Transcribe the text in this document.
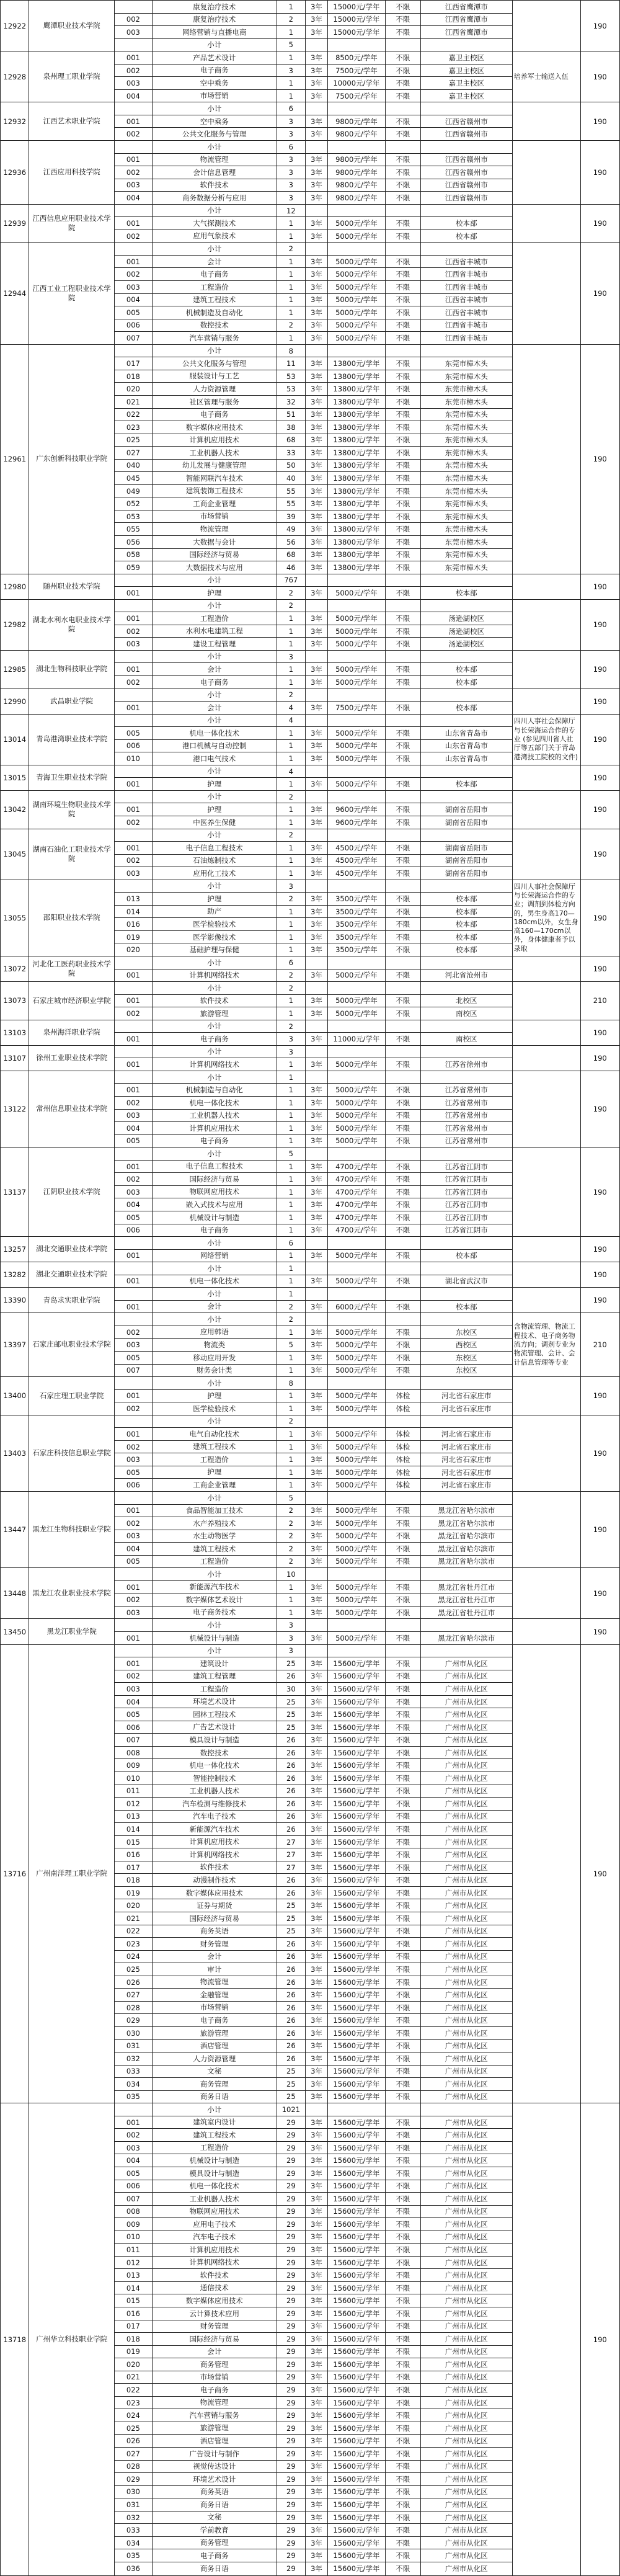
12922	鹰潭职业技术学院		康复治疗技术	1	3年	15000元/学年	不限	江西省鹰潭市		190
		002	康复治疗技术	2	3年	15000元/学年	不限	江西省鹰潭市		
		003	网络营销与直播电商	1	3年	15000元/学年	不限	江西省鹰潭市		
			小计	5						
12928	泉州理工职业学院	001	产品艺术设计	1	3年	8500元/学年	不限	嘉卫主校区	培养军士输送入伍	190
		002	电子商务	3	3年	7500元/学年	不限	嘉卫主校区		
		003	空中乘务	1	3年	10000元/学年	不限	嘉卫主校区		
		004	市场营销	1	3年	7500元/学年	不限	嘉卫主校区		
12932	江西艺术职业学院		小计	6						190
		001	空中乘务	3	3年	9800元/学年	不限	江西省赣州市		
		002	公共文化服务与管理	3	3年	9800元/学年	不限	江西省赣州市		
12936	江西应用科技学院		小计	6						190
		001	物流管理	3	3年	9800元/学年	不限	江西省赣州市		
		002	会计信息管理	3	3年	9800元/学年	不限	江西省赣州市		
		003	软件技术	3	3年	9800元/学年	不限	江西省赣州市		
		004	商务数据分析与应用	3	3年	9800元/学年	不限	江西省赣州市		
12939	江西信息应用职业技术学院		小计	12						190
		001	大气探测技术	1	3年	5000元/学年	不限	校本部		
		002	应用气象技术	1	3年	5000元/学年	不限	校本部		
12944	江西工业工程职业技术学院		小计	2						190
		001	会计	1	3年	5000元/学年	不限	江西省丰城市		
		002	电子商务	1	3年	5000元/学年	不限	江西省丰城市		
		003	工程造价	1	3年	5000元/学年	不限	江西省丰城市		
		004	建筑工程技术	1	3年	5000元/学年	不限	江西省丰城市		
		005	机械制造及自动化	1	3年	5000元/学年	不限	江西省丰城市		
		006	数控技术	2	3年	5000元/学年	不限	江西省丰城市		
		007	汽车营销与服务	1	3年	5000元/学年	不限	江西省丰城市		
12961	广东创新科技职业学院		小计	8						190
		017	公共文化服务与管理	11	3年	13800元/学年	不限	东莞市樟木头		
		018	服装设计与工艺	53	3年	13800元/学年	不限	东莞市樟木头		
		020	人力资源管理	53	3年	13800元/学年	不限	东莞市樟木头		
		021	社区管理与服务	32	3年	13800元/学年	不限	东莞市樟木头		
		022	电子商务	51	3年	13800元/学年	不限	东莞市樟木头		
		023	数字媒体应用技术	38	3年	13800元/学年	不限	东莞市樟木头		
		025	计算机应用技术	68	3年	13800元/学年	不限	东莞市樟木头		
		027	工业机器人技术	33	3年	13800元/学年	不限	东莞市樟木头		
		040	幼儿发展与健康管理	50	3年	13800元/学年	不限	东莞市樟木头		
		045	智能网联汽车技术	40	3年	13800元/学年	不限	东莞市樟木头		
		049	建筑装饰工程技术	55	3年	13800元/学年	不限	东莞市樟木头		
		052	工商企业管理	55	3年	13800元/学年	不限	东莞市樟木头		
		053	市场营销	39	3年	13800元/学年	不限	东莞市樟木头		
		055	物流管理	49	3年	13800元/学年	不限	东莞市樟木头		
		056	大数据与会计	56	3年	13800元/学年	不限	东莞市樟木头		
		058	国际经济与贸易	68	3年	13800元/学年	不限	东莞市樟木头		
		059	大数据技术与应用	46	3年	13800元/学年	不限	东莞市樟木头		
12980	随州职业技术学院		小计	767						190
		001	护理	2	3年	5000元/学年	不限	校本部		
12982	湖北水利水电职业技术学院		小计	2						190
		001	工程造价	1	3年	5000元/学年	不限	汤逊湖校区		
		002	水利水电建筑工程	1	3年	5000元/学年	不限	汤逊湖校区		
		003	建设工程管理	1	3年	5000元/学年	不限	汤逊湖校区		
12985	湖北生物科技职业学院		小计	3						190
		001	会计	1	3年	5000元/学年	不限	校本部		
		002	电子商务	1	3年	5000元/学年	不限	校本部		
12990	武昌职业学院		小计	2						190
		001	会计	4	3年	7500元/学年	不限	校本部		
13014	青岛港湾职业技术学院		小计	4					四川人事社会保障厅与长荣海运合作的专业 (参见四川省人社厅等五部门关于青岛港湾技工院校的文件)	190
		005	机电一体化技术	1	3年	5000元/学年	不限	山东省青岛市		
		006	港口机械与自动控制	1	3年	5000元/学年	不限	山东省青岛市		
		010	港口电气技术	1	3年	5000元/学年	不限	山东省青岛市		
13015	青海卫生职业技术学院		小计	4						190
		001	护理	1	3年	5000元/学年	不限	校本部		
13042	湖南环境生物职业技术学院		小计	2						190
		001	护理	1	3年	9600元/学年	不限	湖南省岳阳市		
		002	中医养生保健	1	3年	9600元/学年	不限	湖南省岳阳市		
13045	湖南石油化工职业技术学院		小计	2						190
		001	电子信息工程技术	1	3年	4500元/学年	不限	湖南省岳阳市		
		002	石油炼制技术	1	3年	4500元/学年	不限	湖南省岳阳市		
		003	应用化工技术	1	3年	4500元/学年	不限	湖南省岳阳市		
13055	邵阳职业技术学院		小计	3					四川人事社会保障厅与长荣海运合作的专业；调剂到体检方向的，男生身高170—180cm以外，女生身高160—170cm以外，身体健康者予以录取	190
		013	护理	2	3年	3500元/学年	不限	校本部		
		014	助产	1	3年	3500元/学年	不限	校本部		
		016	医学检验技术	1	3年	3500元/学年	不限	校本部		
		019	医学影像技术	1	3年	3500元/学年	不限	校本部		
		020	基础护理与保健	1	3年	3500元/学年	不限	校本部		
13072	河北化工医药职业技术学院		小计	6						190
		001	计算机网络技术	2	3年	5000元/学年	不限	河北省沧州市		
13073	石家庄城市经济职业学院		小计	2						210
		001	软件技术	1	3年	5000元/学年	不限	北校区		
		002	旅游管理	1	3年	5000元/学年	不限	南校区		
13103	泉州海洋职业学院		小计	2						190
		001	电子商务	3	3年	11000元/学年	不限	南校区		
13107	徐州工业职业技术学院		小计	3						190
		001	计算机网络技术	1	3年	5000元/学年	不限	江苏省徐州市		
13122	常州信息职业技术学院		小计	1						190
		001	机械制造与自动化	1	3年	5000元/学年	不限	江苏省常州市		
		002	机电一体化技术	1	3年	5000元/学年	不限	江苏省常州市		
		003	工业机器人技术	1	3年	5000元/学年	不限	江苏省常州市		
		004	计算机应用技术	1	3年	5000元/学年	不限	江苏省常州市		
		005	电子商务	1	3年	5000元/学年	不限	江苏省常州市		
13137	江阴职业技术学院		小计	5						190
		001	电子信息工程技术	1	3年	4700元/学年	不限	江苏省江阴市		
		002	国际经济与贸易	1	3年	4700元/学年	不限	江苏省江阴市		
		003	物联网应用技术	1	3年	4700元/学年	不限	江苏省江阴市		
		004	嵌入式技术与应用	1	3年	4700元/学年	不限	江苏省江阴市		
		005	机械设计与制造	1	3年	4700元/学年	不限	江苏省江阴市		
		006	电子商务	1	3年	4700元/学年	不限	江苏省江阴市		
13257	湖北交通职业技术学院		小计	6						190
		001	网络营销	1	3年	5000元/学年	不限	校本部		
13282	湖北交通职业技术学院		小计	1						190
		001	机电一体化技术	1	3年	5000元/学年	不限	湖北省武汉市		
13390	青岛求实职业学院		小计	1						190
		001	会计	2	3年	6000元/学年	不限	校本部		
13397	石家庄邮电职业技术学院		小计	2					含物流管理、物流工程技术、电子商务物流方向；调剂专业为物流管理、会计、会计信息管理等专业	210
		002	应用韩语	1	3年	5000元/学年	不限	东校区		
		003	物流类	5	3年	5000元/学年	不限	西校区		
		005	移动应用开发	1	3年	5000元/学年	不限	东校区		
		007	财务会计类	1	3年	5000元/学年	不限	东校区		
13400	石家庄理工职业学院		小计	8						190
		001	护理	1	3年	5000元/学年	体检	河北省石家庄市		
		002	医学检验技术	1	3年	5000元/学年	体检	河北省石家庄市		
13403	石家庄科技信息职业学院		小计	2						190
		001	电气自动化技术	1	3年	5000元/学年	体检	河北省石家庄市		
		002	建筑工程技术	1	3年	5000元/学年	体检	河北省石家庄市		
		003	工程造价	1	3年	5000元/学年	体检	河北省石家庄市		
		005	护理	1	3年	5000元/学年	体检	河北省石家庄市		
		006	工商企业管理	1	3年	5000元/学年	体检	河北省石家庄市		
13447	黑龙江生物科技职业学院		小计	5						190
		001	食品智能加工技术	2	3年	5000元/学年	不限	黑龙江省哈尔滨市		
		002	水产养殖技术	2	3年	5000元/学年	不限	黑龙江省哈尔滨市		
		003	水生动物医学	2	3年	5000元/学年	不限	黑龙江省哈尔滨市		
		004	建筑工程技术	2	3年	5000元/学年	不限	黑龙江省哈尔滨市		
		005	工程造价	2	3年	5000元/学年	不限	黑龙江省哈尔滨市		
13448	黑龙江农业职业技术学院		小计	10						190
		001	新能源汽车技术	1	3年	5000元/学年	不限	黑龙江省牡丹江市		
		002	数字媒体艺术设计	1	3年	5000元/学年	不限	黑龙江省牡丹江市		
		003	电子商务技术	1	3年	5000元/学年	不限	黑龙江省牡丹江市		
13450	黑龙江职业学院		小计	3						190
		001	机械设计与制造	3	3年	5000元/学年	不限	黑龙江省哈尔滨市		
13716	广州南洋理工职业学院		小计	3						190
		001	建筑设计	25	3年	15600元/学年	不限	广州市从化区		
		002	建筑工程管理	26	3年	15600元/学年	不限	广州市从化区		
		003	工程造价	30	3年	15600元/学年	不限	广州市从化区		
		004	环境艺术设计	25	3年	15600元/学年	不限	广州市从化区		
		005	园林工程技术	25	3年	15600元/学年	不限	广州市从化区		
		006	广告艺术设计	25	3年	15600元/学年	不限	广州市从化区		
		007	模具设计与制造	26	3年	15600元/学年	不限	广州市从化区		
		008	数控技术	26	3年	15600元/学年	不限	广州市从化区		
		009	机电一体化技术	26	3年	15600元/学年	不限	广州市从化区		
		010	智能控制技术	26	3年	15600元/学年	不限	广州市从化区		
		011	工业机器人技术	26	3年	15600元/学年	不限	广州市从化区		
		012	汽车检测与维修技术	26	3年	15600元/学年	不限	广州市从化区		
		013	汽车电子技术	26	3年	15600元/学年	不限	广州市从化区		
		014	新能源汽车技术	26	3年	15600元/学年	不限	广州市从化区		
		015	计算机应用技术	27	3年	15600元/学年	不限	广州市从化区		
		016	计算机网络技术	27	3年	15600元/学年	不限	广州市从化区		
		017	软件技术	27	3年	15600元/学年	不限	广州市从化区		
		018	动漫制作技术	26	3年	15600元/学年	不限	广州市从化区		
		019	数字媒体应用技术	26	3年	15600元/学年	不限	广州市从化区		
		020	证券与期货	25	3年	15600元/学年	不限	广州市从化区		
		021	国际经济与贸易	25	3年	15600元/学年	不限	广州市从化区		
		022	商务英语	25	3年	15600元/学年	不限	广州市从化区		
		023	财务管理	26	3年	15600元/学年	不限	广州市从化区		
		024	会计	26	3年	15600元/学年	不限	广州市从化区		
		025	审计	26	3年	15600元/学年	不限	广州市从化区		
		026	物流管理	26	3年	15600元/学年	不限	广州市从化区		
		027	金融管理	26	3年	15600元/学年	不限	广州市从化区		
		028	市场营销	26	3年	15600元/学年	不限	广州市从化区		
		029	电子商务	26	3年	15600元/学年	不限	广州市从化区		
		030	旅游管理	26	3年	15600元/学年	不限	广州市从化区		
		031	酒店管理	26	3年	15600元/学年	不限	广州市从化区		
		032	人力资源管理	26	3年	15600元/学年	不限	广州市从化区		
		033	文秘	25	3年	15600元/学年	不限	广州市从化区		
		034	商务管理	25	3年	15600元/学年	不限	广州市从化区		
		035	商务日语	25	3年	15600元/学年	不限	广州市从化区		
13718	广州华立科技职业学院		小计	1021						190
		001	建筑室内设计	29	3年	15600元/学年	不限	广州市从化区		
		002	建筑工程技术	29	3年	15600元/学年	不限	广州市从化区		
		003	工程造价	29	3年	15600元/学年	不限	广州市从化区		
		004	机械设计与制造	29	3年	15600元/学年	不限	广州市从化区		
		005	模具设计与制造	29	3年	15600元/学年	不限	广州市从化区		
		006	机电一体化技术	29	3年	15600元/学年	不限	广州市从化区		
		007	工业机器人技术	29	3年	15600元/学年	不限	广州市从化区		
		008	物联网应用技术	29	3年	15600元/学年	不限	广州市从化区		
		009	应用电子技术	29	3年	15600元/学年	不限	广州市从化区		
		010	汽车电子技术	29	3年	15600元/学年	不限	广州市从化区		
		011	计算机应用技术	29	3年	15600元/学年	不限	广州市从化区		
		012	计算机网络技术	29	3年	15600元/学年	不限	广州市从化区		
		013	软件技术	29	3年	15600元/学年	不限	广州市从化区		
		014	通信技术	29	3年	15600元/学年	不限	广州市从化区		
		015	数字媒体应用技术	29	3年	15600元/学年	不限	广州市从化区		
		016	云计算技术应用	29	3年	15600元/学年	不限	广州市从化区		
		017	财务管理	29	3年	15600元/学年	不限	广州市从化区		
		018	国际经济与贸易	29	3年	15600元/学年	不限	广州市从化区		
		019	会计	29	3年	15600元/学年	不限	广州市从化区		
		020	商务管理	29	3年	15600元/学年	不限	广州市从化区		
		021	市场营销	29	3年	15600元/学年	不限	广州市从化区		
		022	电子商务	29	3年	15600元/学年	不限	广州市从化区		
		023	物流管理	29	3年	15600元/学年	不限	广州市从化区		
		024	汽车营销与服务	29	3年	15600元/学年	不限	广州市从化区		
		025	旅游管理	29	3年	15600元/学年	不限	广州市从化区		
		026	酒店管理	29	3年	15600元/学年	不限	广州市从化区		
		027	广告设计与制作	29	3年	15600元/学年	不限	广州市从化区		
		028	视觉传达设计	29	3年	15600元/学年	不限	广州市从化区		
		029	环境艺术设计	29	3年	15600元/学年	不限	广州市从化区		
		030	商务英语	29	3年	15600元/学年	不限	广州市从化区		
		031	商务日语	29	3年	15600元/学年	不限	广州市从化区		
		032	文秘	29	3年	15600元/学年	不限	广州市从化区		
		033	学前教育	29	3年	15600元/学年	不限	广州市从化区		
		034	商务管理	29	3年	15600元/学年	不限	广州市从化区		
		035	电子商务	29	3年	15600元/学年	不限	广州市从化区		
		036	商务日语	29	3年	15600元/学年	不限	广州市从化区		
